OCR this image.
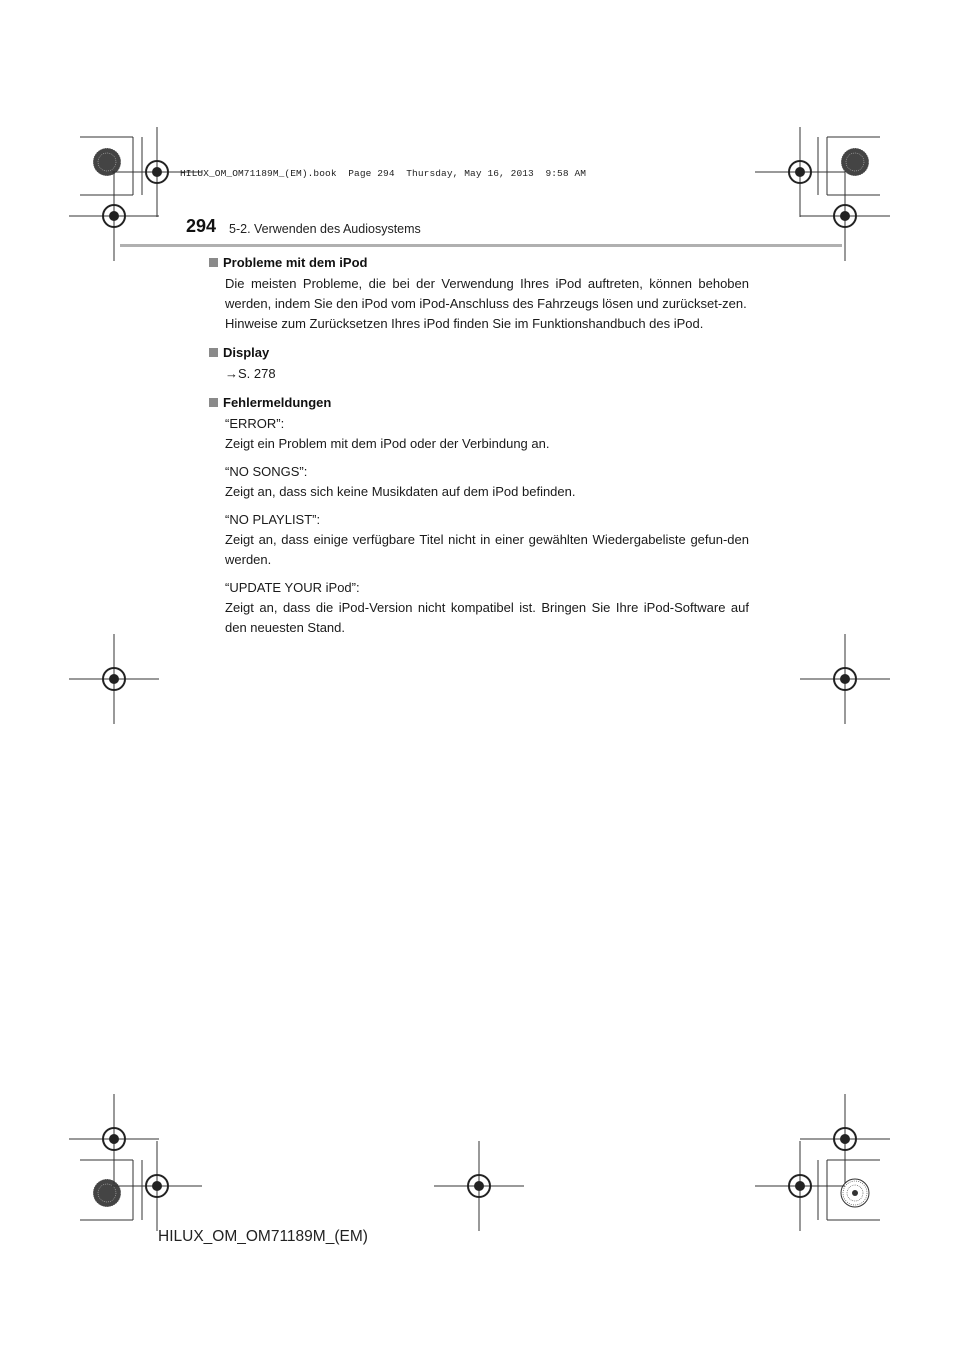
HILUX_OM_OM71189M_(EM).book  Page 294  Thursday, May 16, 2013  9:58 AM
294 5-2. Verwenden des Audiosystems
Probleme mit dem iPod
Die meisten Probleme, die bei der Verwendung Ihres iPod auftreten, können behoben werden, indem Sie den iPod vom iPod-Anschluss des Fahrzeugs lösen und zurückset-zen.
Hinweise zum Zurücksetzen Ihres iPod finden Sie im Funktionshandbuch des iPod.
Display
→S. 278
Fehlermeldungen
“ERROR”:
Zeigt ein Problem mit dem iPod oder der Verbindung an.
“NO SONGS”:
Zeigt an, dass sich keine Musikdaten auf dem iPod befinden.
“NO PLAYLIST”:
Zeigt an, dass einige verfügbare Titel nicht in einer gewählten Wiedergabeliste gefun-den werden.
“UPDATE YOUR iPod”:
Zeigt an, dass die iPod-Version nicht kompatibel ist. Bringen Sie Ihre iPod-Software auf den neuesten Stand.
HILUX_OM_OM71189M_(EM)
